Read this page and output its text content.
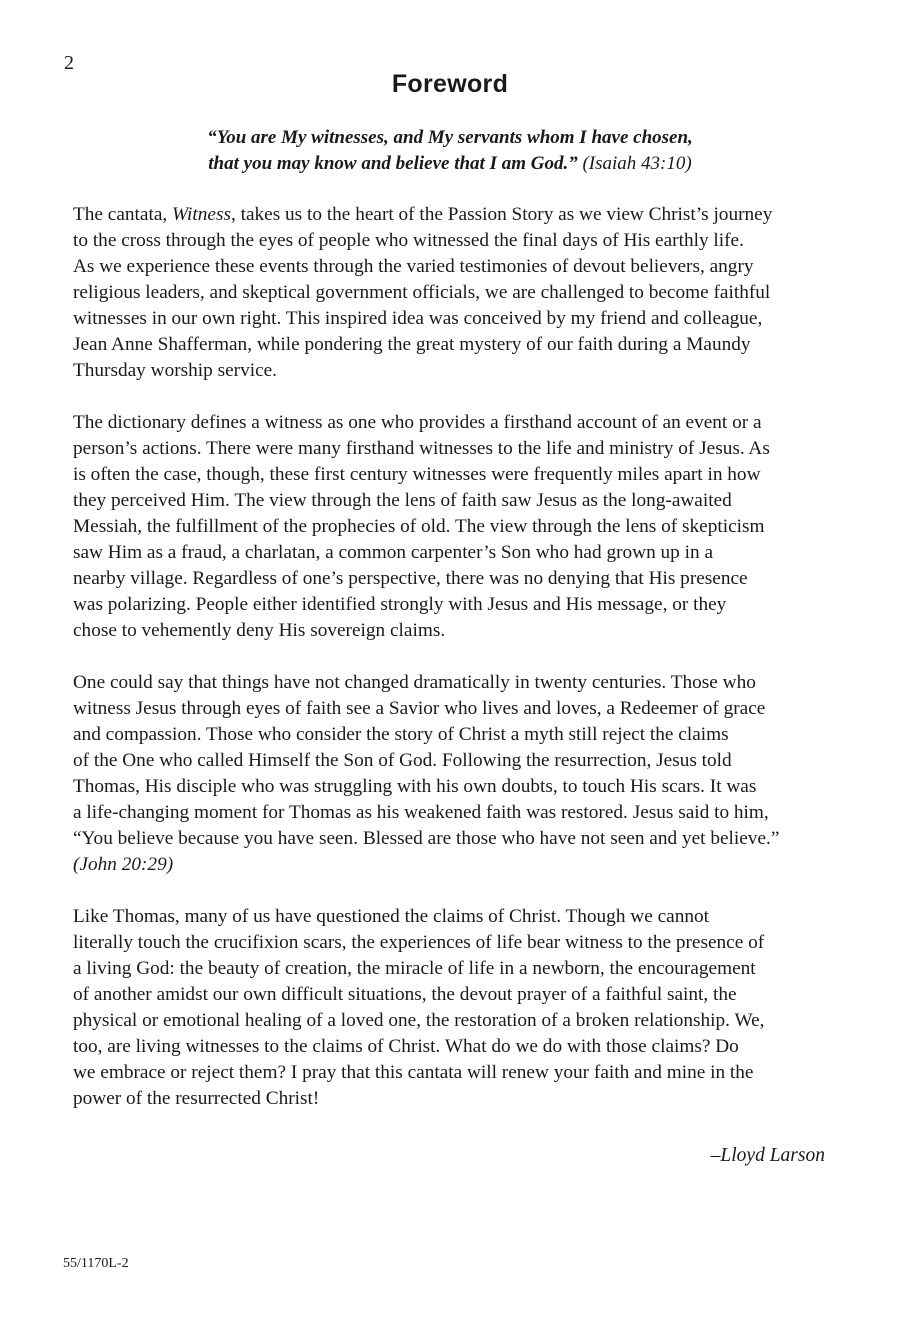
2

Foreword

“You are My witnesses, and My servants whom I have chosen,
that you may know and believe that I am God.” (Isaiah 43:10)

The cantata, Witness, takes us to the heart of the Passion Story as we view Christ’s journey
to the cross through the eyes of people who witnessed the final days of His earthly life.
As we experience these events through the varied testimonies of devout believers, angry
religious leaders, and skeptical government officials, we are challenged to become faithful
witnesses in our own right. This inspired idea was conceived by my friend and colleague,
Jean Anne Shafferman, while pondering the great mystery of our faith during a Maundy
Thursday worship service.

The dictionary defines a witness as one who provides a firsthand account of an event or a
person’s actions. There were many firsthand witnesses to the life and ministry of Jesus. As
is often the case, though, these first century witnesses were frequently miles apart in how
they perceived Him. The view through the lens of faith saw Jesus as the long-awaited
Messiah, the fulfillment of the prophecies of old. The view through the lens of skepticism
saw Him as a fraud, a charlatan, a common carpenter’s Son who had grown up in a
nearby village. Regardless of one’s perspective, there was no denying that His presence
was polarizing. People either identified strongly with Jesus and His message, or they
chose to vehemently deny His sovereign claims.

One could say that things have not changed dramatically in twenty centuries. Those who
witness Jesus through eyes of faith see a Savior who lives and loves, a Redeemer of grace
and compassion. Those who consider the story of Christ a myth still reject the claims
of the One who called Himself the Son of God. Following the resurrection, Jesus told
Thomas, His disciple who was struggling with his own doubts, to touch His scars. It was
a life-changing moment for Thomas as his weakened faith was restored. Jesus said to him,
“You believe because you have seen. Blessed are those who have not seen and yet believe.”
(John 20:29)

Like Thomas, many of us have questioned the claims of Christ. Though we cannot
literally touch the crucifixion scars, the experiences of life bear witness to the presence of
a living God: the beauty of creation, the miracle of life in a newborn, the encouragement
of another amidst our own difficult situations, the devout prayer of a faithful saint, the
physical or emotional healing of a loved one, the restoration of a broken relationship. We,
too, are living witnesses to the claims of Christ. What do we do with those claims? Do
we embrace or reject them? I pray that this cantata will renew your faith and mine in the
power of the resurrected Christ!

–Lloyd Larson

55/1170L-2
